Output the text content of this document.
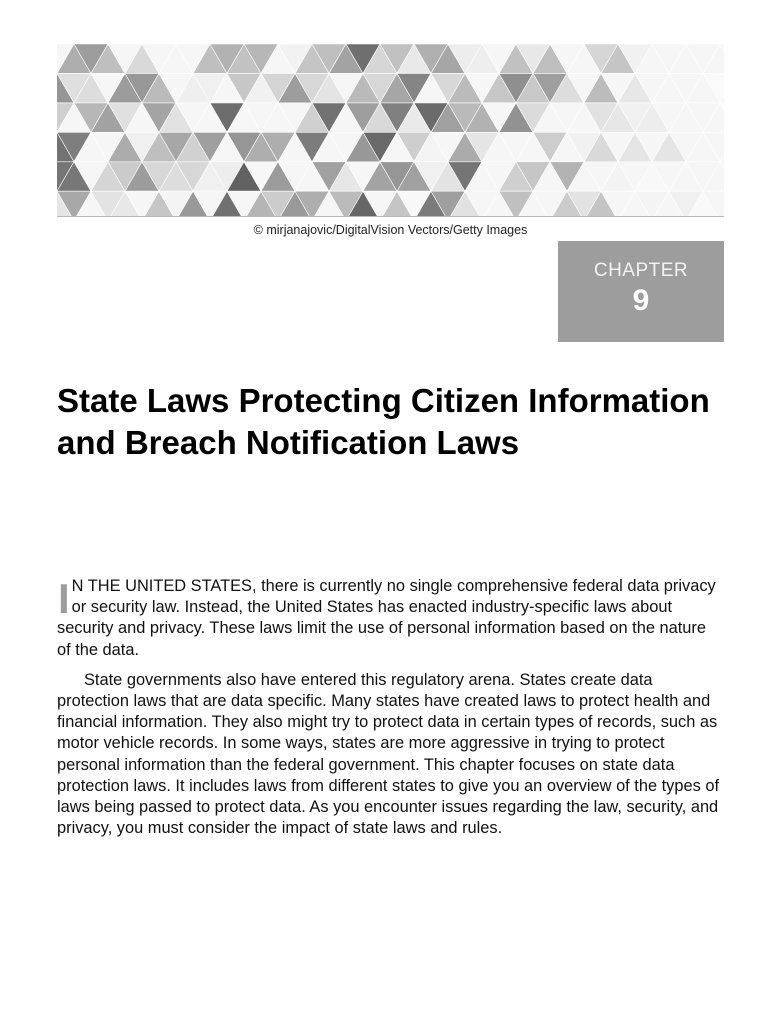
© mirjanajovic/DigitalVision Vectors/Getty Images
CHAPTER
9
State Laws Protecting Citizen Information and Breach Notification Laws

I N THE UNITED STATES, there is currently no single comprehensive federal data privacy or security law. Instead, the United States has enacted industry-specific laws about security and privacy. These laws limit the use of personal information based on the nature of the data.

State governments also have entered this regulatory arena. States create data protection laws that are data specific. Many states have created laws to protect health and financial information. They also might try to protect data in certain types of records, such as motor vehicle records. In some ways, states are more aggressive in trying to protect personal information than the federal government. This chapter focuses on state data protection laws. It includes laws from different states to give you an overview of the types of laws being passed to protect data. As you encounter issues regarding the law, security, and privacy, you must consider the impact of state laws and rules.
